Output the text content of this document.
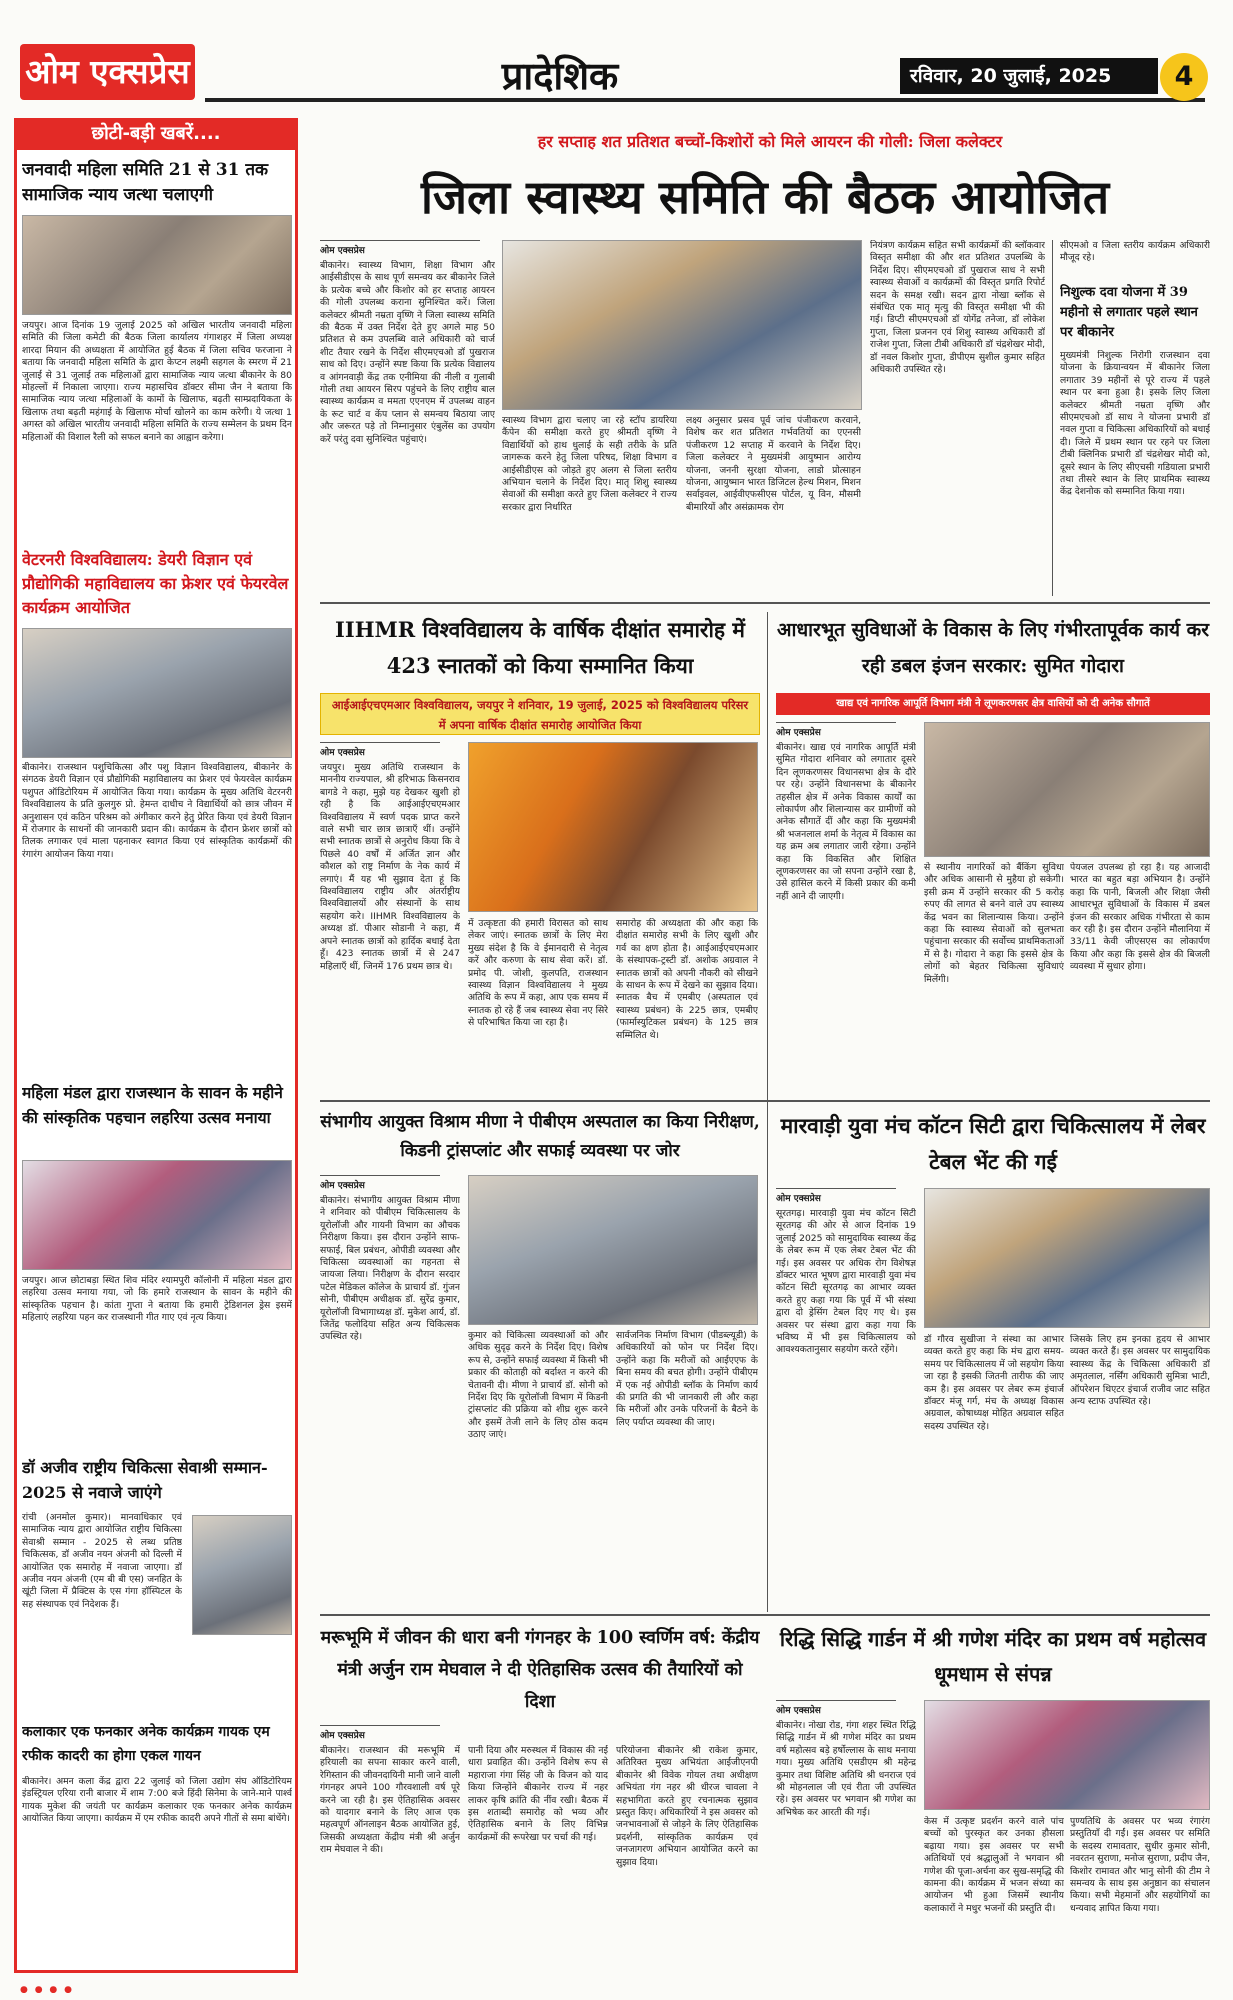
ओम एक्सप्रेस	प्रादेशिक	रविवार, 20 जुलाई, 2025	4
छोटी-बड़ी खबरें....
जनवादी महिला समिति 21 से 31 तक सामाजिक न्याय जत्था चलाएगी
जयपुर। आज दिनांक 19 जुलाई 2025 को अखिल भारतीय जनवादी महिला समिति की जिला कमेटी की बैठक जिला कार्यालय गंगाशहर में जिला अध्यक्ष शारदा मियान की अध्यक्षता में आयोजित हुई बैठक में जिला सचिव फरजाना ने बताया कि जनवादी महिला समिति के द्वारा केप्टन लक्ष्मी सहगल के स्मरण में 21 जुलाई से 31 जुलाई तक महिलाओं द्वारा सामाजिक न्याय जत्था बीकानेर के 80 मोहल्लों में निकाला जाएगा। राज्य महासचिव डॉक्टर सीमा जैन ने बताया कि सामाजिक न्याय जत्था महिलाओं के कामों के खिलाफ, बढ़ती साम्प्रदायिकता के खिलाफ तथा बढ़ती महंगाई के खिलाफ मोर्चा खोलने का काम करेगी। ये जत्था 1 अगस्त को अखिल भारतीय जनवादी महिला समिति के राज्य सम्मेलन के प्रथम दिन महिलाओं की विशाल रैली को सफल बनाने का आह्वान करेगा।
वेटरनरी विश्वविद्यालय: डेयरी विज्ञान एवं प्रौद्योगिकी महाविद्यालय का फ्रेशर एवं फेयरवेल कार्यक्रम आयोजित
बीकानेर। राजस्थान पशुचिकित्सा और पशु विज्ञान विश्वविद्यालय, बीकानेर के संगठक डेयरी विज्ञान एवं प्रौद्योगिकी महाविद्यालय का फ्रेशर एवं फेयरवेल कार्यक्रम पशुपत ऑडिटोरियम में आयोजित किया गया। कार्यक्रम के मुख्य अतिथि वेटरनरी विश्वविद्यालय के प्रति कुलगुरु प्रो. हेमन्त दाधीच ने विद्यार्थियों को छात्र जीवन में अनुशासन एवं कठिन परिश्रम को अंगीकार करने हेतु प्रेरित किया एवं डेयरी विज्ञान में रोजगार के साधनों की जानकारी प्रदान की। कार्यक्रम के दौरान फ्रेशर छात्रों को तिलक लगाकर एवं माला पहनाकर स्वागत किया एवं सांस्कृतिक कार्यक्रमों की रंगारंग आयोजन किया गया।
महिला मंडल द्वारा राजस्थान के सावन के महीने की सांस्कृतिक पहचान लहरिया उत्सव मनाया
जयपुर। आज छोटाबड़ा स्थित शिव मंदिर श्यामपुरी कॉलोनी में महिला मंडल द्वारा लहरिया उत्सव मनाया गया, जो कि हमारे राजस्थान के सावन के महीने की सांस्कृतिक पहचान है। कांता गुप्ता ने बताया कि हमारी ट्रेडिशनल ड्रेस इसमें महिलाएं लहरिया पहन कर राजस्थानी गीत गाए एवं नृत्य किया।
डॉ अजीव राष्ट्रीय चिकित्सा सेवाश्री सम्मान- 2025 से नवाजे जाएंगे
रांची (अनमोल कुमार)। मानवाधिकार एवं सामाजिक न्याय द्वारा आयोजित राष्ट्रीय चिकित्सा सेवाश्री सम्मान - 2025 से लब्ध प्रतिष्ठ चिकित्सक, डॉ अजीव नयन अंजनी को दिल्ली में आयोजित एक समारोह में नवाजा जाएगा। डॉ अजीव नयन अंजनी (एम बी बी एस) जनहित के खूंटी जिला में प्रैक्टिस के एस गंगा हॉस्पिटल के सह संस्थापक एवं निदेशक हैं।
कलाकार एक फनकार अनेक कार्यक्रम गायक एम रफीक कादरी का होगा एकल गायन
बीकानेर। अमन कला केंद्र द्वारा 22 जुलाई को जिला उद्योग संघ ऑडिटोरियम इंडस्ट्रियल एरिया रानी बाजार में शाम 7:00 बजे हिंदी सिनेमा के जाने-माने पार्श्व गायक मुकेश की जयंती पर कार्यक्रम कलाकार एक फनकार अनेक कार्यक्रम आयोजित किया जाएगा। कार्यक्रम में एम रफीक कादरी अपने गीतों से समा बांधेंगे।
हर सप्ताह शत प्रतिशत बच्चों-किशोरों को मिले आयरन की गोली: जिला कलेक्टर
जिला स्वास्थ्य समिति की बैठक आयोजित
ओम एक्सप्रेस
बीकानेर। स्वास्थ्य विभाग, शिक्षा विभाग और आईसीडीएस के साथ पूर्ण समन्वय कर बीकानेर जिले के प्रत्येक बच्चे और किशोर को हर सप्ताह आयरन की गोली उपलब्ध कराना सुनिश्चित करें। जिला कलेक्टर श्रीमती नम्रता वृष्णि ने जिला स्वास्थ्य समिति की बैठक में उक्त निर्देश देते हुए अगले माह 50 प्रतिशत से कम उपलब्धि वाले अधिकारी को चार्ज शीट तैयार रखने के निर्देश सीएमएचओ डॉ पुखराज साध को दिए। उन्होंने स्पष्ट किया कि प्रत्येक विद्यालय व आंगनवाड़ी केंद्र तक एनीमिया की नीली व गुलाबी गोली तथा आयरन सिरप पहुंचने के लिए राष्ट्रीय बाल स्वास्थ्य कार्यक्रम व ममता एएनएम में उपलब्ध वाहन के रूट चार्ट व केंप प्लान से समन्वय बिठाया जाए और जरूरत पड़े तो निम्नानुसार एंबुलेंस का उपयोग करें परंतु दवा सुनिश्चित पहुंचाएं।
स्वास्थ्य विभाग द्वारा चलाए जा रहे स्टॉप डायरिया कैंपेन की समीक्षा करते हुए श्रीमती वृष्णि ने विद्यार्थियों को हाथ धुलाई के सही तरीके के प्रति जागरूक करने हेतु जिला परिषद, शिक्षा विभाग व आईसीडीएस को जोड़ते हुए अलग से जिला स्तरीय अभियान चलाने के निर्देश दिए। मातृ शिशु स्वास्थ्य सेवाओं की समीक्षा करते हुए जिला कलेक्टर ने राज्य सरकार द्वारा निर्धारित
लक्ष्य अनुसार प्रसव पूर्व जांच पंजीकरण करवाने, विशेष कर शत प्रतिशत गर्भवतियों का एएनसी पंजीकरण 12 सप्ताह में करवाने के निर्देश दिए। जिला कलेक्टर ने मुख्यमंत्री आयुष्मान आरोग्य योजना, जननी सुरक्षा योजना, लाडो प्रोत्साहन योजना, आयुष्मान भारत डिजिटल हेल्थ मिशन, मिशन सर्वाइवल, आईवीएफसीएस पोर्टल, यू विन, मौसमी बीमारियों और असंक्रामक रोग
नियंत्रण कार्यक्रम सहित सभी कार्यक्रमों की ब्लॉकवार विस्तृत समीक्षा की और शत प्रतिशत उपलब्धि के निर्देश दिए। सीएमएचओ डॉ पुखराज साध ने सभी स्वास्थ्य सेवाओं व कार्यक्रमों की विस्तृत प्रगति रिपोर्ट सदन के समक्ष रखी। सदन द्वारा नोखा ब्लॉक से संबंधित एक मातृ मृत्यु की विस्तृत समीक्षा भी की गई। डिप्टी सीएमएचओ डॉ योगेंद्र तनेजा, डॉ लोकेश गुप्ता, जिला प्रजनन एवं शिशु स्वास्थ्य अधिकारी डॉ राजेश गुप्ता, जिला टीबी अधिकारी डॉ चंद्रशेखर मोदी, डॉ नवल किशोर गुप्ता, डीपीएम सुशील कुमार सहित अधिकारी उपस्थित रहे।
सीएमओ व जिला स्तरीय कार्यक्रम अधिकारी मौजूद रहे।
निशुल्क दवा योजना में 39 महीनो से लगातार पहले स्थान पर बीकानेर
मुख्यमंत्री निशुल्क निरोगी राजस्थान दवा योजना के क्रियान्वयन में बीकानेर जिला लगातार 39 महीनों से पूरे राज्य में पहले स्थान पर बना हुआ है। इसके लिए जिला कलेक्टर श्रीमती नम्रता वृष्णि और सीएमएचओ डॉ साध ने योजना प्रभारी डॉ नवल गुप्ता व चिकित्सा अधिकारियों को बधाई दी। जिले में प्रथम स्थान पर रहने पर जिला टीबी क्लिनिक प्रभारी डॉ चंद्रशेखर मोदी को, दूसरे स्थान के लिए सीएचसी गडियाला प्रभारी तथा तीसरे स्थान के लिए प्राथमिक स्वास्थ्य केंद्र देशनोक को सम्मानित किया गया।
IIHMR विश्वविद्यालय के वार्षिक दीक्षांत समारोह में 423 स्नातकों को किया सम्मानित किया
आईआईएचएमआर विश्वविद्यालय, जयपुर ने शनिवार, 19 जुलाई, 2025 को विश्वविद्यालय परिसर में अपना वार्षिक दीक्षांत समारोह आयोजित किया
ओम एक्सप्रेस
जयपुर। मुख्य अतिथि राजस्थान के माननीय राज्यपाल, श्री हरिभाऊ किसनराव बागडे ने कहा, मुझे यह देखकर खुशी हो रही है कि आईआईएचएमआर विश्वविद्यालय में स्वर्ण पदक प्राप्त करने वाले सभी चार छात्र छात्राएँ थीं। उन्होंने सभी स्नातक छात्रों से अनुरोध किया कि वे पिछले 40 वर्षों में अर्जित ज्ञान और कौशल को राष्ट्र निर्माण के नेक कार्य में लगाएं। मैं यह भी सुझाव देता हूं कि विश्वविद्यालय राष्ट्रीय और अंतर्राष्ट्रीय विश्वविद्यालयों और संस्थानों के साथ सहयोग करे। IIHMR विश्वविद्यालय के अध्यक्ष डॉ. पीआर सोडानी ने कहा, मैं अपने स्नातक छात्रों को हार्दिक बधाई देता हूँ। 423 स्नातक छात्रों में से 247 महिलाएँ थीं, जिनमें 176 प्रथम छात्र थे।
में उत्कृष्टता की हमारी विरासत को साथ लेकर जाएं। स्नातक छात्रों के लिए मेरा मुख्य संदेश है कि वे ईमानदारी से नेतृत्व करें और करुणा के साथ सेवा करें। डॉ. प्रमोद पी. जोशी, कुलपति, राजस्थान स्वास्थ्य विज्ञान विश्वविद्यालय ने मुख्य अतिथि के रूप में कहा, आप एक समय में स्नातक हो रहे हैं जब स्वास्थ्य सेवा नए सिरे से परिभाषित किया जा रहा है।
समारोह की अध्यक्षता की और कहा कि दीक्षांत समारोह सभी के लिए खुशी और गर्व का क्षण होता है। आईआईएचएमआर के संस्थापक-ट्रस्टी डॉ. अशोक अग्रवाल ने स्नातक छात्रों को अपनी नौकरी को सीखने के साधन के रूप में देखने का सुझाव दिया। स्नातक बैच में एमबीए (अस्पताल एवं स्वास्थ्य प्रबंधन) के 225 छात्र, एमबीए (फार्मास्युटिकल प्रबंधन) के 125 छात्र सम्मिलित थे।
आधारभूत सुविधाओं के विकास के लिए गंभीरतापूर्वक कार्य कर रही डबल इंजन सरकार: सुमित गोदारा
खाद्य एवं नागरिक आपूर्ति विभाग मंत्री ने लूणकरणसर क्षेत्र वासियों को दी अनेक सौगातें
ओम एक्सप्रेस
बीकानेर। खाद्य एवं नागरिक आपूर्ति मंत्री सुमित गोदारा शनिवार को लगातार दूसरे दिन लूणकरणसर विधानसभा क्षेत्र के दौरे पर रहे। उन्होंने विधानसभा के बीकानेर तहसील क्षेत्र में अनेक विकास कार्यों का लोकार्पण और शिलान्यास कर ग्रामीणों को अनेक सौगातें दीं और कहा कि मुख्यमंत्री श्री भजनलाल शर्मा के नेतृत्व में विकास का यह क्रम अब लगातार जारी रहेगा। उन्होंने कहा कि विकसित और शिक्षित लूणकरणसर का जो सपना उन्होंने रखा है, उसे हासिल करने में किसी प्रकार की कमी नहीं आने दी जाएगी।
से स्थानीय नागरिकों को बैंकिंग सुविधा और अधिक आसानी से मुहैया हो सकेगी। इसी क्रम में उन्होंने सरकार की 5 करोड़ रुपए की लागत से बनने वाले उप स्वास्थ्य केंद्र भवन का शिलान्यास किया। उन्होंने कहा कि स्वास्थ्य सेवाओं को सुलभता पहुंचाना सरकार की सर्वोच्च प्राथमिकताओं में से है। गोदारा ने कहा कि इससे क्षेत्र के लोगों को बेहतर चिकित्सा सुविधाएं मिलेंगी।
पेयजल उपलब्ध हो रहा है। यह आजादी भारत का बहुत बड़ा अभियान है। उन्होंने कहा कि पानी, बिजली और शिक्षा जैसी आधारभूत सुविधाओं के विकास में डबल इंजन की सरकार अधिक गंभीरता से काम कर रही है। इस दौरान उन्होंने मौलानिया में 33/11 केवी जीएसएस का लोकार्पण किया और कहा कि इससे क्षेत्र की बिजली व्यवस्था में सुधार होगा।
संभागीय आयुक्त विश्राम मीणा ने पीबीएम अस्पताल का किया निरीक्षण, किडनी ट्रांसप्लांट और सफाई व्यवस्था पर जोर
ओम एक्सप्रेस
बीकानेर। संभागीय आयुक्त विश्राम मीणा ने शनिवार को पीबीएम चिकित्सालय के यूरोलॉजी और गायनी विभाग का औचक निरीक्षण किया। इस दौरान उन्होंने साफ-सफाई, बिल प्रबंधन, ओपीडी व्यवस्था और चिकित्सा व्यवस्थाओं का गहनता से जायजा लिया। निरीक्षण के दौरान सरदार पटेल मेडिकल कॉलेज के प्राचार्य डॉ. गुंजन सोनी, पीबीएम अधीक्षक डॉ. सुरेंद्र कुमार, यूरोलॉजी विभागाध्यक्ष डॉ. मुकेश आर्य, डॉ. जितेंद्र फलोदिया सहित अन्य चिकित्सक उपस्थित रहे।	कुमार को चिकित्सा व्यवस्थाओं को और अधिक सुदृढ़ करने के निर्देश दिए। विशेष रूप से, उन्होंने सफाई व्यवस्था में किसी भी प्रकार की कोताही को बर्दाश्त न करने की चेतावनी दी। मीणा ने प्राचार्य डॉ. सोनी को निर्देश दिए कि यूरोलॉजी विभाग में किडनी ट्रांसप्लांट की प्रक्रिया को शीघ्र शुरू करने और इसमें तेजी लाने के लिए ठोस कदम उठाए जाएं।
सार्वजनिक निर्माण विभाग (पीडब्ल्यूडी) के अधिकारियों को फोन पर निर्देश दिए। उन्होंने कहा कि मरीजों को आईएएफ के बिना समय की बचत होगी। उन्होंने पीबीएम में एक नई ओपीडी ब्लॉक के निर्माण कार्य की प्रगति की भी जानकारी ली और कहा कि मरीजों और उनके परिजनों के बैठने के लिए पर्याप्त व्यवस्था की जाए।
मारवाड़ी युवा मंच कॉटन सिटी द्वारा चिकित्सालय में लेबर टेबल भेंट की गई
ओम एक्सप्रेस
सूरतगढ़। मारवाड़ी युवा मंच कॉटन सिटी सूरतगढ़ की ओर से आज दिनांक 19 जुलाई 2025 को सामुदायिक स्वास्थ्य केंद्र के लेबर रूम में एक लेबर टेबल भेंट की गई। इस अवसर पर अधिक रोग विशेषज्ञ डॉक्टर भारत भूषण द्वारा मारवाड़ी युवा मंच कॉटन सिटी सूरतगढ़ का आभार व्यक्त करते हुए कहा गया कि पूर्व में भी संस्था द्वारा दो ड्रेसिंग टेबल दिए गए थे। इस अवसर पर संस्था द्वारा कहा गया कि भविष्य में भी इस चिकित्सालय को आवश्यकतानुसार सहयोग करते रहेंगे।
डॉ गौरव सुखीजा ने संस्था का आभार व्यक्त करते हुए कहा कि मंच द्वारा समय-समय पर चिकित्सालय में जो सहयोग किया जा रहा है इसकी जितनी तारीफ की जाए कम है। इस अवसर पर लेबर रूम इंचार्ज डॉक्टर मंजू गर्ग, मंच के अध्यक्ष विकास अग्रवाल, कोषाध्यक्ष मोहित अग्रवाल सहित सदस्य उपस्थित रहे।
जिसके लिए हम इनका हृदय से आभार व्यक्त करते हैं। इस अवसर पर सामुदायिक स्वास्थ्य केंद्र के चिकित्सा अधिकारी डॉ अमृतलाल, नर्सिंग अधिकारी सुमित्रा भाटी, ऑपरेशन थिएटर इंचार्ज राजीव जाट सहित अन्य स्टाफ उपस्थित रहे।
मरूभूमि में जीवन की धारा बनी गंगनहर के 100 स्वर्णिम वर्ष: केंद्रीय मंत्री अर्जुन राम मेघवाल ने दी ऐतिहासिक उत्सव की तैयारियों को दिशा
ओम एक्सप्रेस
बीकानेर। राजस्थान की मरूभूमि में हरियाली का सपना साकार करने वाली, रेगिस्तान की जीवनदायिनी मानी जाने वाली गंगनहर अपने 100 गौरवशाली वर्ष पूरे करने जा रही है। इस ऐतिहासिक अवसर को यादगार बनाने के लिए आज एक महत्वपूर्ण ऑनलाइन बैठक आयोजित हुई, जिसकी अध्यक्षता केंद्रीय मंत्री श्री अर्जुन राम मेघवाल ने की।
पानी दिया और मरुस्थल में विकास की नई धारा प्रवाहित की। उन्होंने विशेष रूप से महाराजा गंगा सिंह जी के विजन को याद किया जिन्होंने बीकानेर राज्य में नहर लाकर कृषि क्रांति की नींव रखी। बैठक में इस शताब्दी समारोह को भव्य और ऐतिहासिक बनाने के लिए विभिन्न कार्यक्रमों की रूपरेखा पर चर्चा की गई।
परियोजना बीकानेर श्री राकेश कुमार, अतिरिक्त मुख्य अभियंता आईजीएनपी बीकानेर श्री विवेक गोयल तथा अधीक्षण अभियंता गंग नहर श्री धीरज चावला ने सहभागिता करते हुए रचनात्मक सुझाव प्रस्तुत किए। अधिकारियों ने इस अवसर को जनभावनाओं से जोड़ने के लिए ऐतिहासिक प्रदर्शनी, सांस्कृतिक कार्यक्रम एवं जनजागरण अभियान आयोजित करने का सुझाव दिया।
रिद्धि सिद्धि गार्डन में श्री गणेश मंदिर का प्रथम वर्ष महोत्सव धूमधाम से संपन्न
ओम एक्सप्रेस
बीकानेर। नोखा रोड, गंगा शहर स्थित रिद्धि सिद्धि गार्डन में श्री गणेश मंदिर का प्रथम वर्ष महोत्सव बड़े हर्षोल्लास के साथ मनाया गया। मुख्य अतिथि एसडीएम श्री महेन्द्र कुमार तथा विशिष्ट अतिथि श्री धनराज एवं श्री मोहनलाल जी एवं रीता जी उपस्थित रहे। इस अवसर पर भगवान श्री गणेश का अभिषेक कर आरती की गई।
केस में उत्कृष्ट प्रदर्शन करने वाले पांच बच्चों को पुरस्कृत कर उनका हौसला बढ़ाया गया। इस अवसर पर सभी अतिथियों एवं श्रद्धालुओं ने भगवान श्री गणेश की पूजा-अर्चना कर सुख-समृद्धि की कामना की। कार्यक्रम में भजन संध्या का आयोजन भी हुआ जिसमें स्थानीय कलाकारों ने मधुर भजनों की प्रस्तुति दी।
पुण्यतिथि के अवसर पर भव्य रंगारंग प्रस्तुतियाँ दी गईं। इस अवसर पर समिति के सदस्य रामावतार, सुधीर कुमार सोनी, नवरतन सुराणा, मनोज सुराणा, प्रदीप जैन, किशोर रामावत और भानु सोनी की टीम ने समन्वय के साथ इस अनुष्ठान का संचालन किया। सभी मेहमानों और सहयोगियों का धन्यवाद ज्ञापित किया गया।
● ● ● ●
